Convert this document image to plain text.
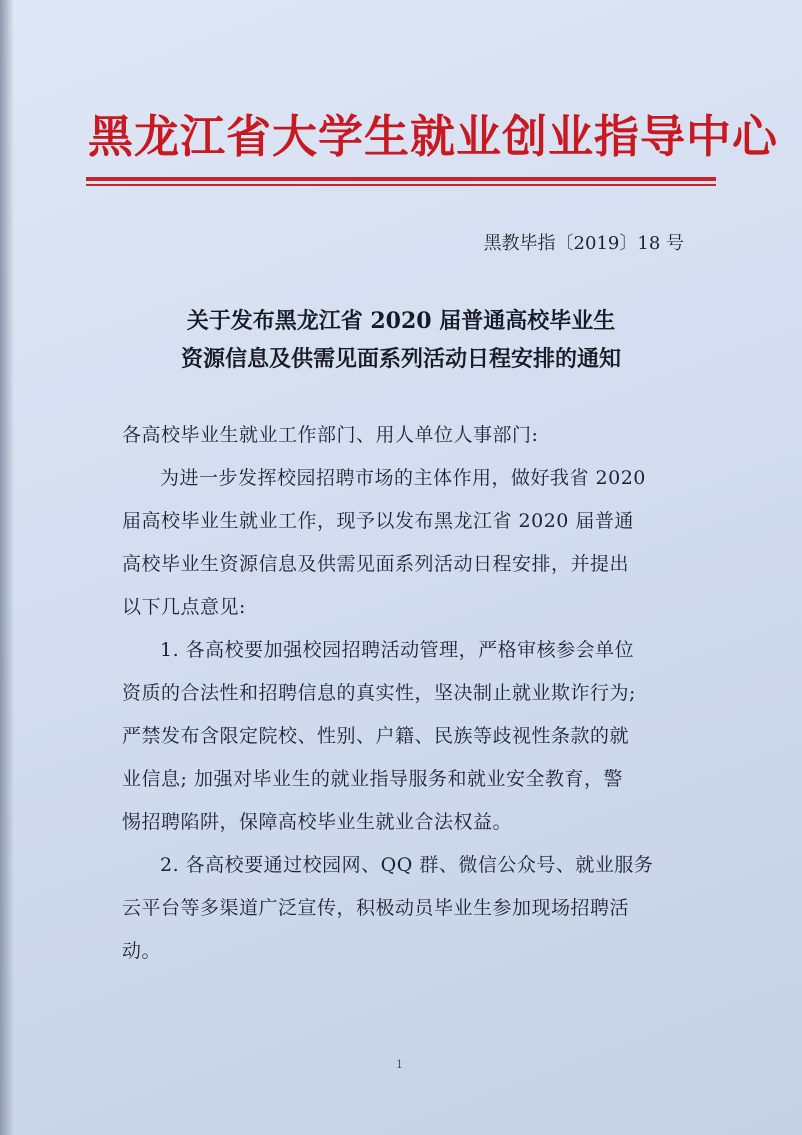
黑龙江省大学生就业创业指导中心
黑教毕指〔2019〕18 号
关于发布黑龙江省 2020 届普通高校毕业生
资源信息及供需见面系列活动日程安排的通知
各高校毕业生就业工作部门、用人单位人事部门:
为进一步发挥校园招聘市场的主体作用，做好我省 2020
届高校毕业生就业工作，现予以发布黑龙江省 2020 届普通
高校毕业生资源信息及供需见面系列活动日程安排，并提出
以下几点意见:
1. 各高校要加强校园招聘活动管理，严格审核参会单位
资质的合法性和招聘信息的真实性，坚决制止就业欺诈行为;
严禁发布含限定院校、性别、户籍、民族等歧视性条款的就
业信息; 加强对毕业生的就业指导服务和就业安全教育，警
惕招聘陷阱，保障高校毕业生就业合法权益。
2. 各高校要通过校园网、QQ 群、微信公众号、就业服务
云平台等多渠道广泛宣传，积极动员毕业生参加现场招聘活
动。
1
